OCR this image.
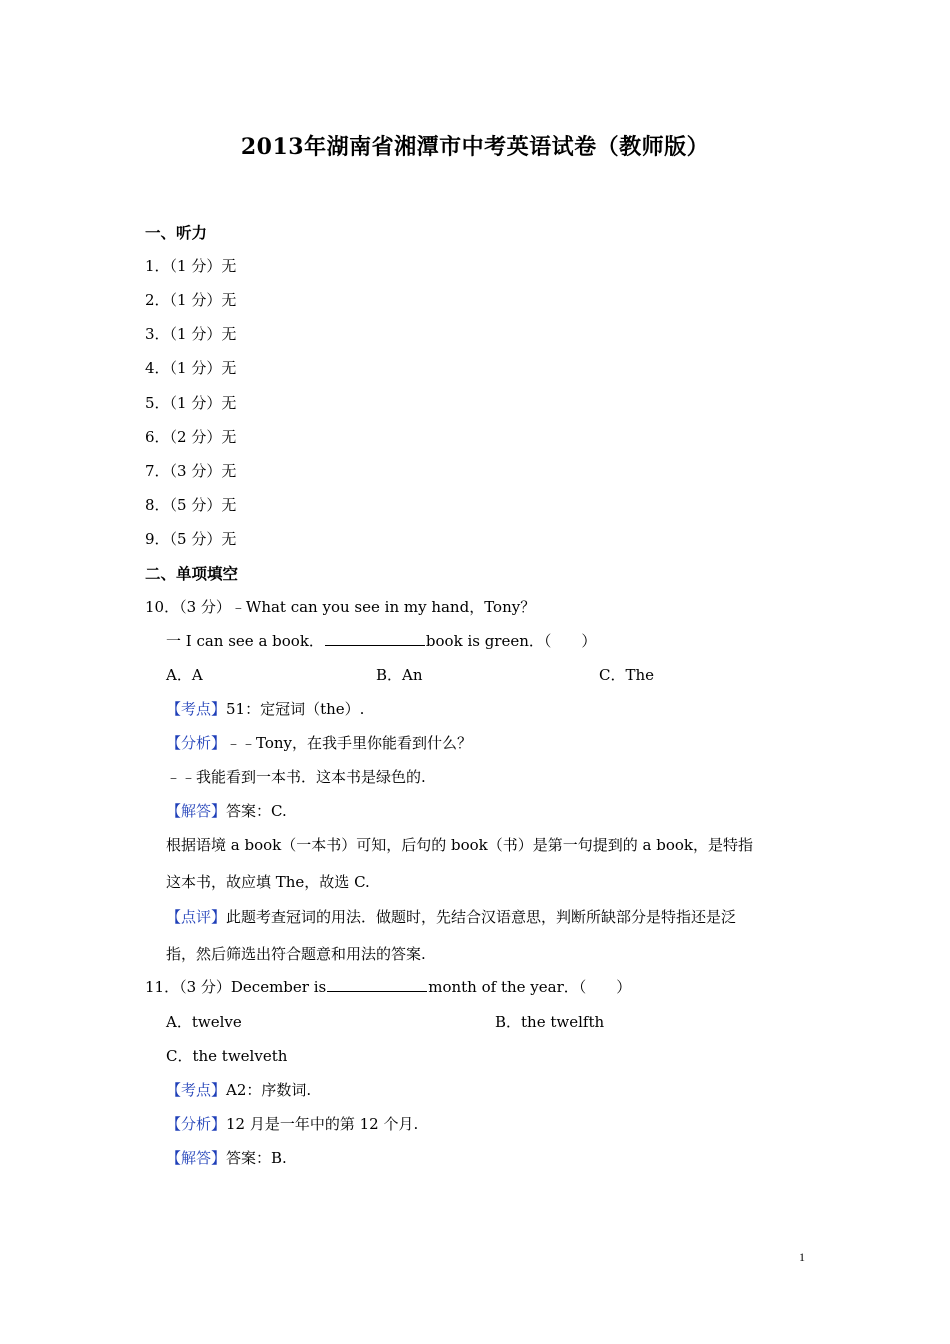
2013年湖南省湘潭市中考英语试卷（教师版）
一、听力
1．（1 分）无
2．（1 分）无
3．（1 分）无
4．（1 分）无
5．（1 分）无
6．（2 分）无
7．（3 分）无
8．（5 分）无
9．（5 分）无
二、单项填空
10．（3 分）﹣What can you see in my hand，Tony？
一 I can see a book．	book is green．（　　）
A．A	B．An	C．The
【考点】51：定冠词（the）.
【分析】﹣﹣Tony，在我手里你能看到什么？
﹣﹣我能看到一本书．这本书是绿色的.
【解答】答案：C.
根据语境 a book（一本书）可知，后句的 book（书）是第一句提到的 a book，是特指
这本书，故应填 The，故选 C.
【点评】此题考查冠词的用法．做题时，先结合汉语意思，判断所缺部分是特指还是泛
指，然后筛选出符合题意和用法的答案.
11．（3 分）December is	month of the year．（　　）
A．twelve	B．the twelfth
C．the twelveth
【考点】A2：序数词.
【分析】12 月是一年中的第 12 个月.
【解答】答案：B.
1
